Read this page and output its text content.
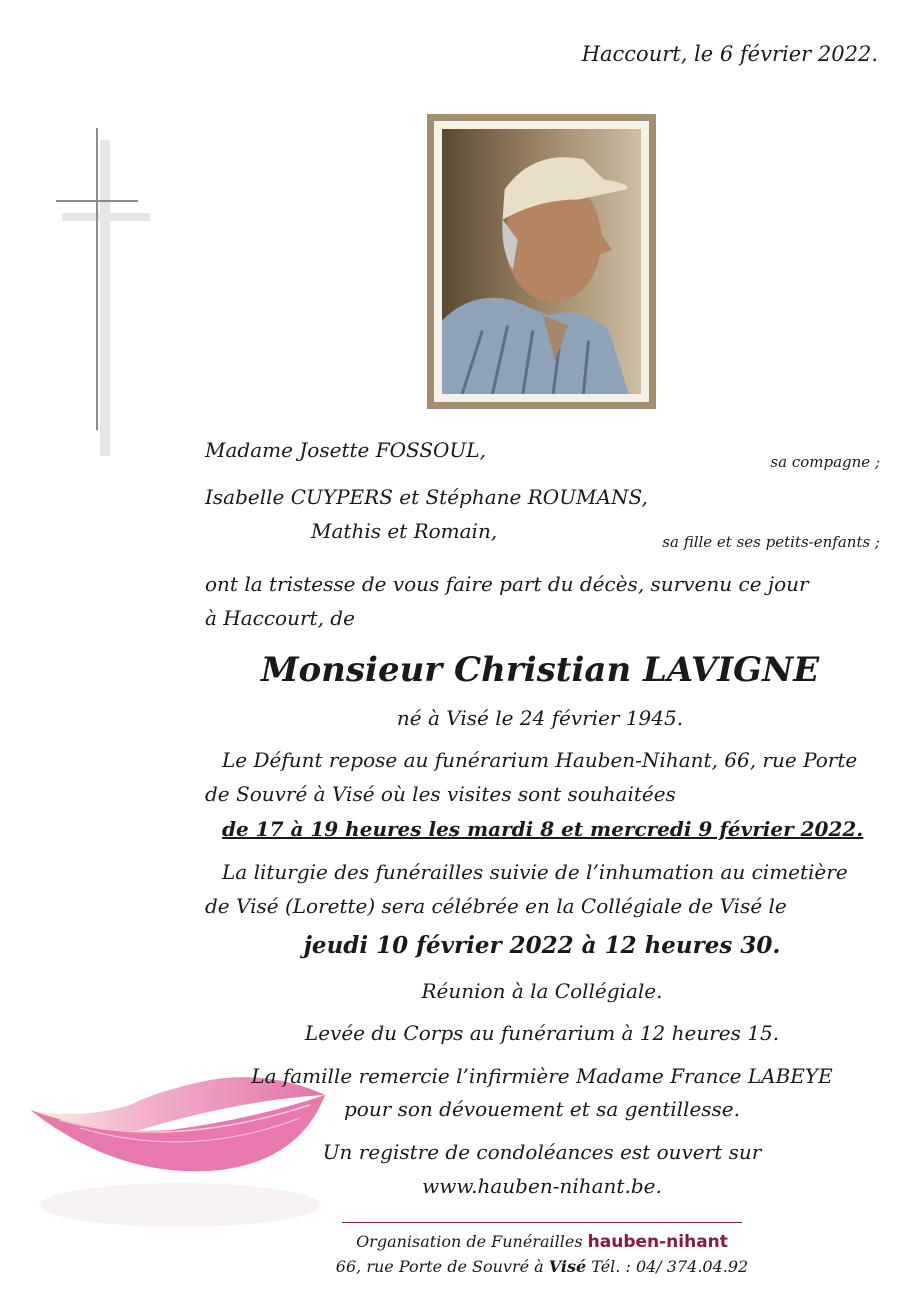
Haccourt, le 6 février 2022.
Madame Josette FOSSOUL,	sa compagne ;
Isabelle CUYPERS et Stéphane ROUMANS,
Mathis et Romain,	sa fille et ses petits-enfants ;
ont la tristesse de vous faire part du décès, survenu ce jour
à Haccourt, de
Monsieur Christian LAVIGNE
né à Visé le 24 février 1945.
Le Défunt repose au funérarium Hauben-Nihant, 66, rue Porte
de Souvré à Visé où les visites sont souhaitées
de 17 à 19 heures les mardi 8 et mercredi 9 février 2022.
La liturgie des funérailles suivie de l’inhumation au cimetière
de Visé (Lorette) sera célébrée en la Collégiale de Visé le
jeudi 10 février 2022 à 12 heures 30.
Réunion à la Collégiale.
Levée du Corps au funérarium à 12 heures 15.
La famille remercie l’infirmière Madame France LABEYE
pour son dévouement et sa gentillesse.
Un registre de condoléances est ouvert sur
www.hauben-nihant.be.
Organisation de Funérailles hauben-nihant
66, rue Porte de Souvré à Visé Tél. : 04/ 374.04.92
